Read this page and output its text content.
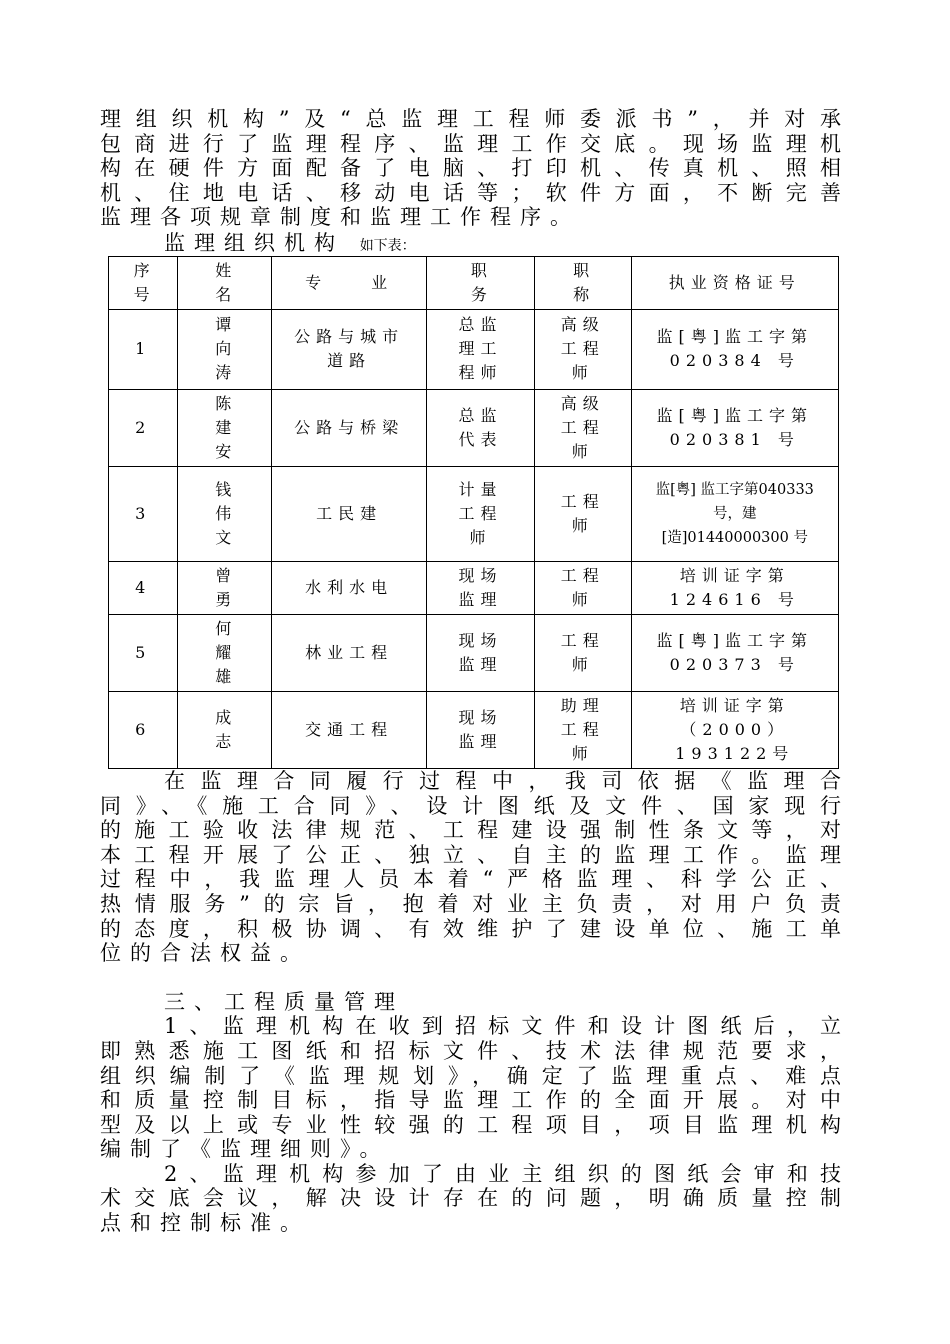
理组织机构”及“总监理工程师委派书”，并对承
包商进行了监理程序、监理工作交底。现场监理机
构在硬件方面配备了电脑、打印机、传真机、照相
机、住地电话、移动电话等；软件方面，不断完善
监理各项规章制度和监理工作程序。
监理组织机构 如下表：
序号	姓名	专　　业	职务	职称	执业资格证号
1	谭向涛	公路与城市道路	总监理工程师	高级工程师	监[粤]监工字第 020384 号
2	陈建安	公路与桥梁	总监代表	高级工程师	监[粤]监工字第 020381 号
3	钱伟文	工民建	计量工程师	工程师	监[粤] 监工字第040333号，建[造]01440000300 号
4	曾勇	水利水电	现场监理	工程师	培训证字第124616 号
5	何耀雄	林业工程	现场监理	工程师	监[粤]监工字第 020373 号
6	成志	交通工程	现场监理	助理工程师	培训证字第（2000）193122号
在监理合同履行过程中，我司依据《监理合
同》、《施工合同》、设计图纸及文件、国家现行
的施工验收法律规范、工程建设强制性条文等，对
本工程开展了公正、独立、自主的监理工作。监理
过程中，我监理人员本着“严格监理、科学公正、
热情服务”的宗旨，抱着对业主负责，对用户负责
的态度，积极协调、有效维护了建设单位、施工单
位的合法权益。
三、工程质量管理
1、监理机构在收到招标文件和设计图纸后，立
即熟悉施工图纸和招标文件、技术法律规范要求，
组织编制了《监理规划》，确定了监理重点、难点
和质量控制目标，指导监理工作的全面开展。对中
型及以上或专业性较强的工程项目，项目监理机构
编制了《监理细则》。
2、监理机构参加了由业主组织的图纸会审和技
术交底会议，解决设计存在的问题，明确质量控制
点和控制标准。
